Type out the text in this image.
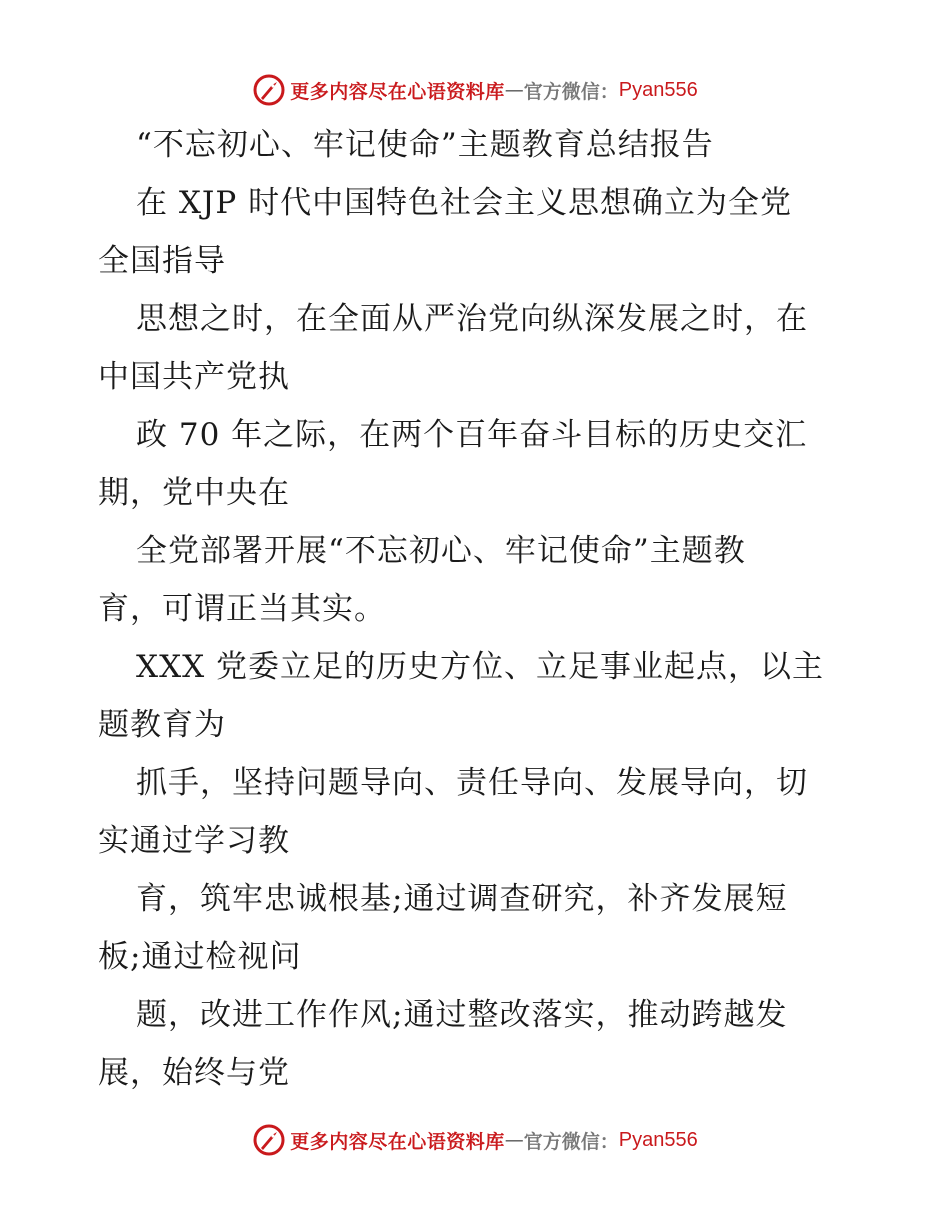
更多内容尽在心语资料库 — 官方微信： Pyan556

“不忘初心、牢记使命”主题教育总结报告

在 XJP 时代中国特色社会主义思想确立为全党

全国指导

思想之时，在全面从严治党向纵深发展之时，在

中国共产党执

政 70 年之际，在两个百年奋斗目标的历史交汇

期，党中央在

全党部署开展“不忘初心、牢记使命”主题教

育，可谓正当其实。

XXX 党委立足的历史方位、立足事业起点，以主

题教育为

抓手，坚持问题导向、责任导向、发展导向，切

实通过学习教

育，筑牢忠诚根基;通过调查研究，补齐发展短

板;通过检视问

题，改进工作作风;通过整改落实，推动跨越发

展，始终与党

更多内容尽在心语资料库 — 官方微信： Pyan556
